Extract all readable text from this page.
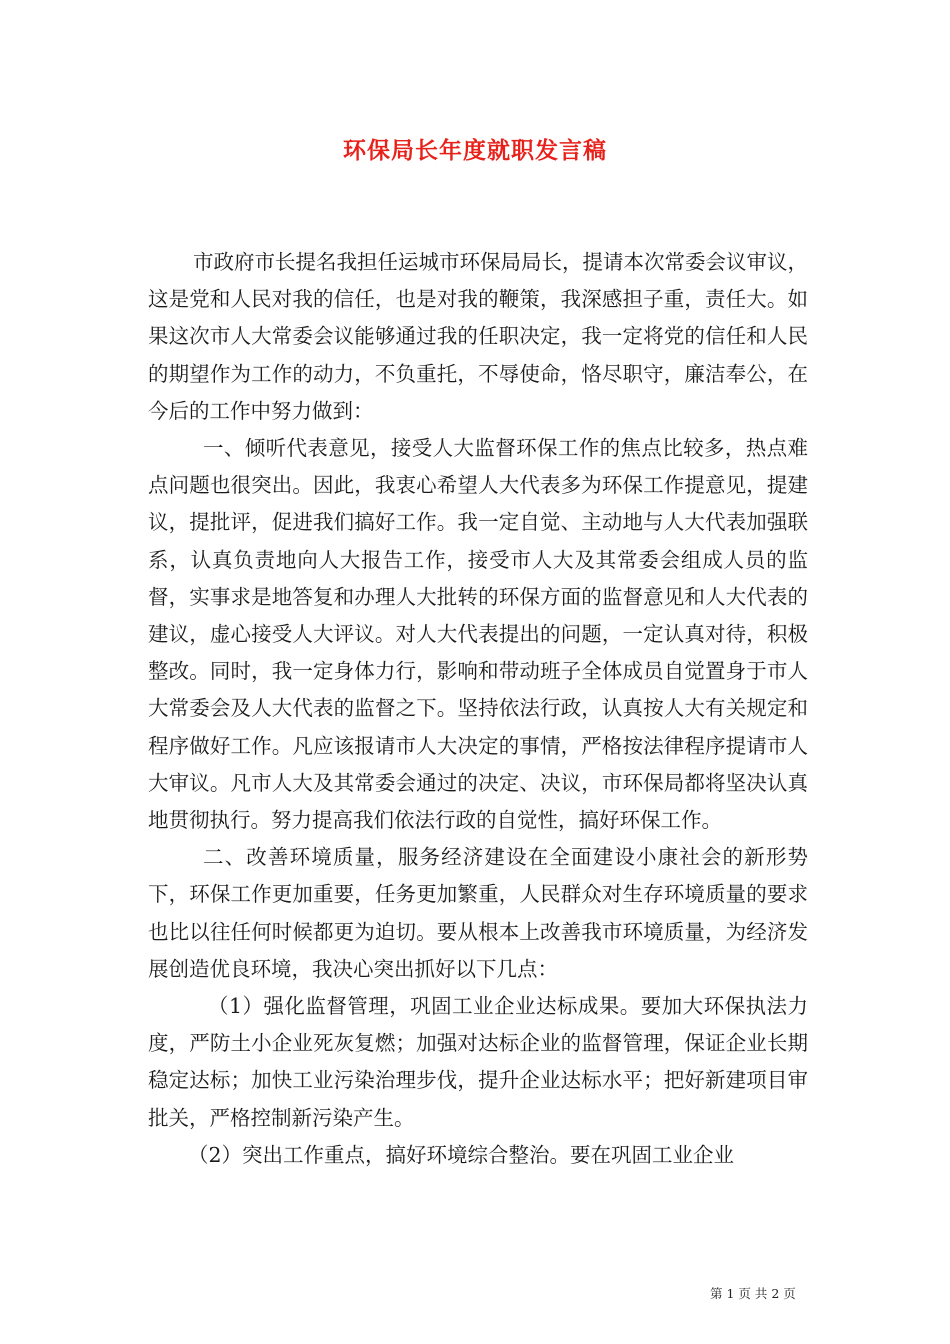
环保局长年度就职发言稿

市政府市长提名我担任运城市环保局局长，提请本次常委会议审议，这是党和人民对我的信任，也是对我的鞭策，我深感担子重，责任大。如果这次市人大常委会议能够通过我的任职决定，我一定将党的信任和人民的期望作为工作的动力，不负重托，不辱使命，恪尽职守，廉洁奉公，在今后的工作中努力做到：

一、倾听代表意见，接受人大监督环保工作的焦点比较多，热点难点问题也很突出。因此，我衷心希望人大代表多为环保工作提意见，提建议，提批评，促进我们搞好工作。我一定自觉、主动地与人大代表加强联系，认真负责地向人大报告工作，接受市人大及其常委会组成人员的监督，实事求是地答复和办理人大批转的环保方面的监督意见和人大代表的建议，虚心接受人大评议。对人大代表提出的问题，一定认真对待，积极整改。同时，我一定身体力行，影响和带动班子全体成员自觉置身于市人大常委会及人大代表的监督之下。坚持依法行政，认真按人大有关规定和程序做好工作。凡应该报请市人大决定的事情，严格按法律程序提请市人大审议。凡市人大及其常委会通过的决定、决议，市环保局都将坚决认真地贯彻执行。努力提高我们依法行政的自觉性，搞好环保工作。

二、改善环境质量，服务经济建设在全面建设小康社会的新形势下，环保工作更加重要，任务更加繁重，人民群众对生存环境质量的要求也比以往任何时候都更为迫切。要从根本上改善我市环境质量，为经济发展创造优良环境，我决心突出抓好以下几点：

（1）强化监督管理，巩固工业企业达标成果。要加大环保执法力度，严防土小企业死灰复燃；加强对达标企业的监督管理，保证企业长期稳定达标；加快工业污染治理步伐，提升企业达标水平；把好新建项目审批关，严格控制新污染产生。

（2）突出工作重点，搞好环境综合整治。要在巩固工业企业

第 1 页 共 2 页
